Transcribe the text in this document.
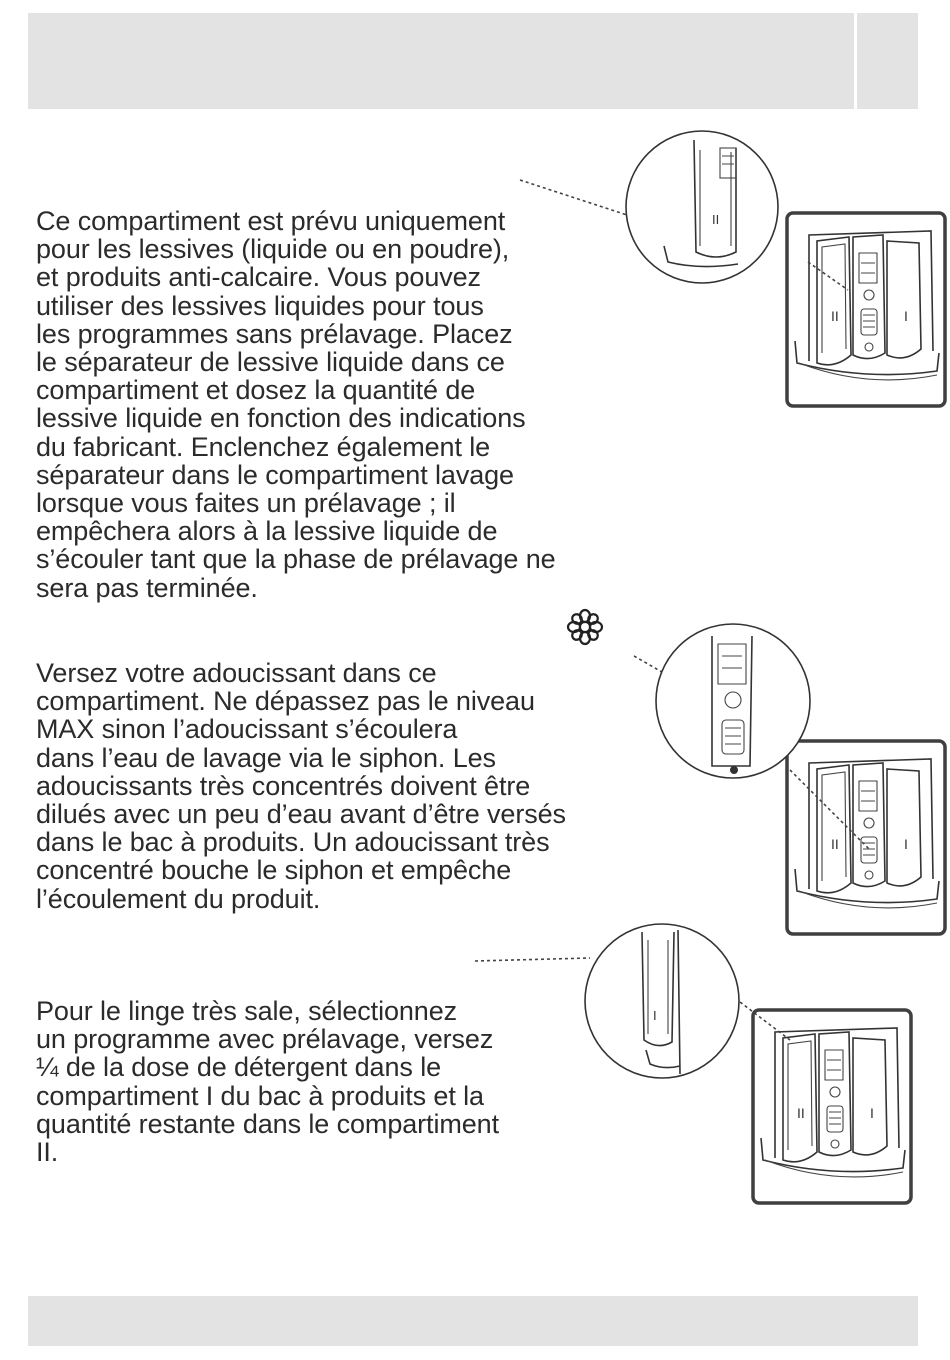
Ce compartiment est prévu uniquement
pour les lessives (liquide ou en poudre),
et produits anti-calcaire. Vous pouvez
utiliser des lessives liquides pour tous
les programmes sans prélavage. Placez
le séparateur de lessive liquide dans ce
compartiment et dosez la quantité de
lessive liquide en fonction des indications
du fabricant. Enclenchez également le
séparateur dans le compartiment lavage
lorsque vous faites un prélavage ; il
empêchera alors à la lessive liquide de
s’écouler tant que la phase de prélavage ne
sera pas terminée.

Versez votre adoucissant dans ce
compartiment. Ne dépassez pas le niveau
MAX sinon l’adoucissant s’écoulera
dans l’eau de lavage via le siphon. Les
adoucissants très concentrés doivent être
dilués avec un peu d’eau avant d’être versés
dans le bac à produits. Un adoucissant très
concentré bouche le siphon et empêche
l’écoulement du produit.

Pour le linge très sale, sélectionnez
un programme avec prélavage, versez
¼ de la dose de détergent dans le
compartiment I du bac à produits et la
quantité restante dans le compartiment
II.

II	I
II
I
